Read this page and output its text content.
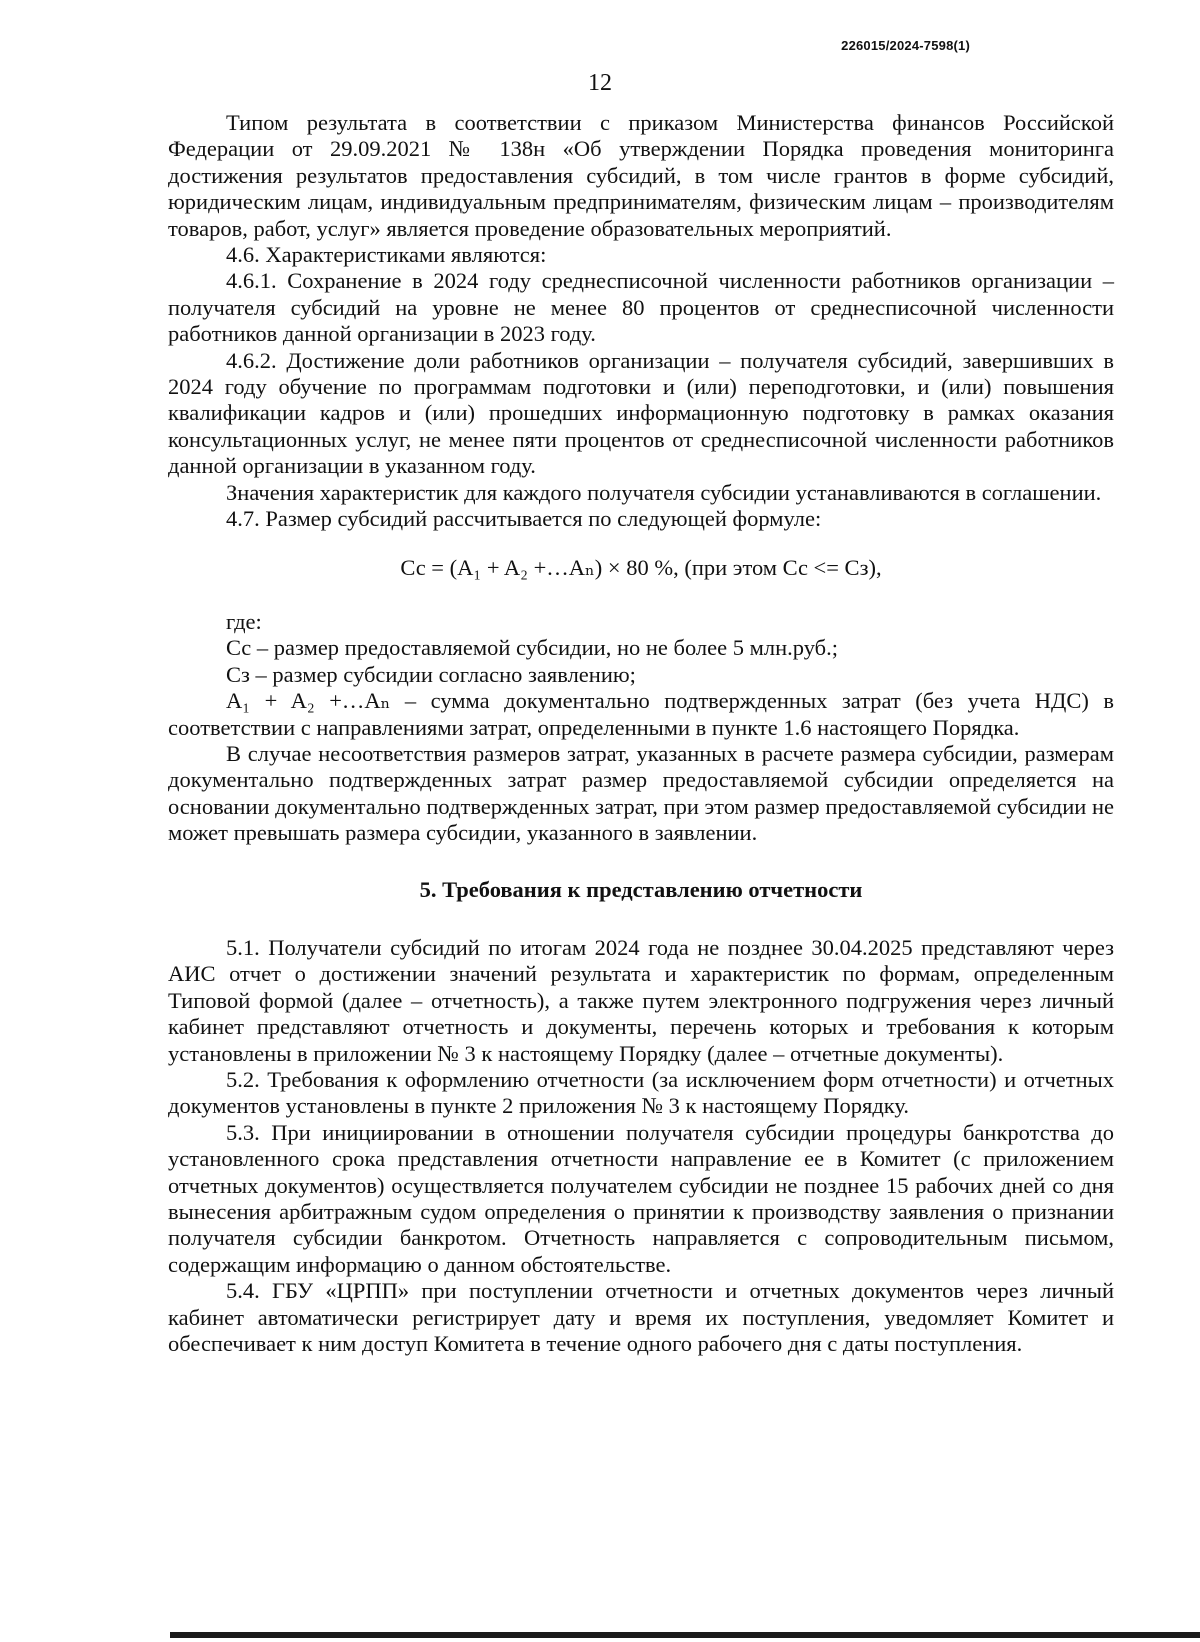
226015/2024-7598(1)
12

Типом результата в соответствии с приказом Министерства финансов Российской Федерации от 29.09.2021 № 138н «Об утверждении Порядка проведения мониторинга достижения результатов предоставления субсидий, в том числе грантов в форме субсидий, юридическим лицам, индивидуальным предпринимателям, физическим лицам – производителям товаров, работ, услуг» является проведение образовательных мероприятий.

4.6. Характеристиками являются:

4.6.1. Сохранение в 2024 году среднесписочной численности работников организации – получателя субсидий на уровне не менее 80 процентов от среднесписочной численности работников данной организации в 2023 году.

4.6.2. Достижение доли работников организации – получателя субсидий, завершивших в 2024 году обучение по программам подготовки и (или) переподготовки, и (или) повышения квалификации кадров и (или) прошедших информационную подготовку в рамках оказания консультационных услуг, не менее пяти процентов от среднесписочной численности работников данной организации в указанном году.

Значения характеристик для каждого получателя субсидии устанавливаются в соглашении.

4.7. Размер субсидий рассчитывается по следующей формуле:

Сс = (A₁ + A₂ +…Aₙ) × 80 %, (при этом Сс <= Сз),

где:

Сс – размер предоставляемой субсидии, но не более 5 млн.руб.;

Сз – размер субсидии согласно заявлению;

A₁ + A₂ +…Aₙ – сумма документально подтвержденных затрат (без учета НДС) в соответствии с направлениями затрат, определенными в пункте 1.6 настоящего Порядка.

В случае несоответствия размеров затрат, указанных в расчете размера субсидии, размерам документально подтвержденных затрат размер предоставляемой субсидии определяется на основании документально подтвержденных затрат, при этом размер предоставляемой субсидии не может превышать размера субсидии, указанного в заявлении.

5. Требования к представлению отчетности

5.1. Получатели субсидий по итогам 2024 года не позднее 30.04.2025 представляют через АИС отчет о достижении значений результата и характеристик по формам, определенным Типовой формой (далее – отчетность), а также путем электронного подгружения через личный кабинет представляют отчетность и документы, перечень которых и требования к которым установлены в приложении № 3 к настоящему Порядку (далее – отчетные документы).

5.2. Требования к оформлению отчетности (за исключением форм отчетности) и отчетных документов установлены в пункте 2 приложения № 3 к настоящему Порядку.

5.3. При инициировании в отношении получателя субсидии процедуры банкротства до установленного срока представления отчетности направление ее в Комитет (с приложением отчетных документов) осуществляется получателем субсидии не позднее 15 рабочих дней со дня вынесения арбитражным судом определения о принятии к производству заявления о признании получателя субсидии банкротом. Отчетность направляется с сопроводительным письмом, содержащим информацию о данном обстоятельстве.

5.4. ГБУ «ЦРПП» при поступлении отчетности и отчетных документов через личный кабинет автоматически регистрирует дату и время их поступления, уведомляет Комитет и обеспечивает к ним доступ Комитета в течение одного рабочего дня с даты поступления.
